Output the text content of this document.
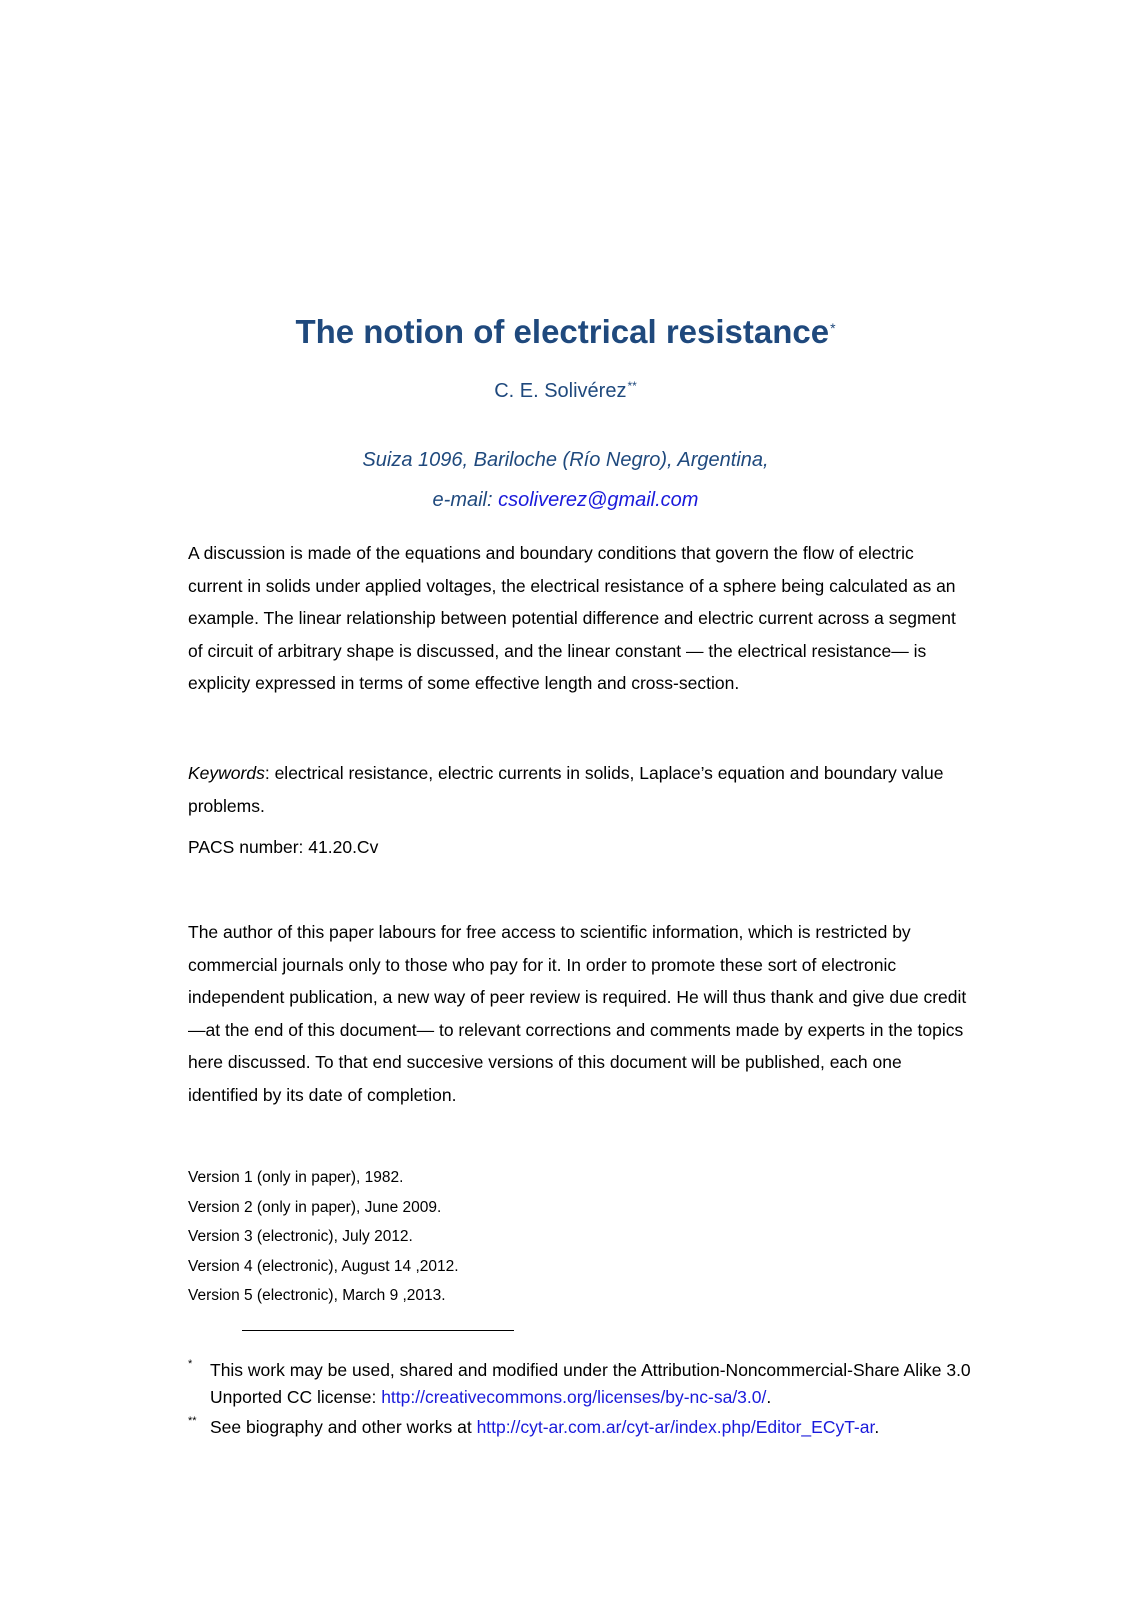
The notion of electrical resistance*
C. E. Solivérez**
Suiza 1096, Bariloche (Río Negro), Argentina,
e-mail: csoliverez@gmail.com
A discussion is made of the equations and boundary conditions that govern the flow of electric current in solids under applied voltages, the electrical resistance of a sphere being calculated as an example. The linear relationship between potential difference and electric current across a segment of circuit of arbitrary shape is discussed, and the linear constant — the electrical resistance— is explicity expressed in terms of some effective length and cross-section.
Keywords: electrical resistance, electric currents in solids, Laplace’s equation and boundary value problems.
PACS number: 41.20.Cv
The author of this paper labours for free access to scientific information, which is restricted by commercial journals only to those who pay for it. In order to promote these sort of electronic independent publication, a new way of peer review is required. He will thus thank and give due credit —at the end of this document— to relevant corrections and comments made by experts in the topics here discussed. To that end succesive versions of this document will be published, each one identified by its date of completion.
Version 1 (only in paper), 1982.
Version 2 (only in paper), June 2009.
Version 3 (electronic), July 2012.
Version 4 (electronic), August 14 ,2012.
Version 5 (electronic), March 9 ,2013.
* This work may be used, shared and modified under the Attribution-Noncommercial-Share Alike 3.0 Unported CC license: http://creativecommons.org/licenses/by-nc-sa/3.0/.
** See biography and other works at http://cyt-ar.com.ar/cyt-ar/index.php/Editor_ECyT-ar.
